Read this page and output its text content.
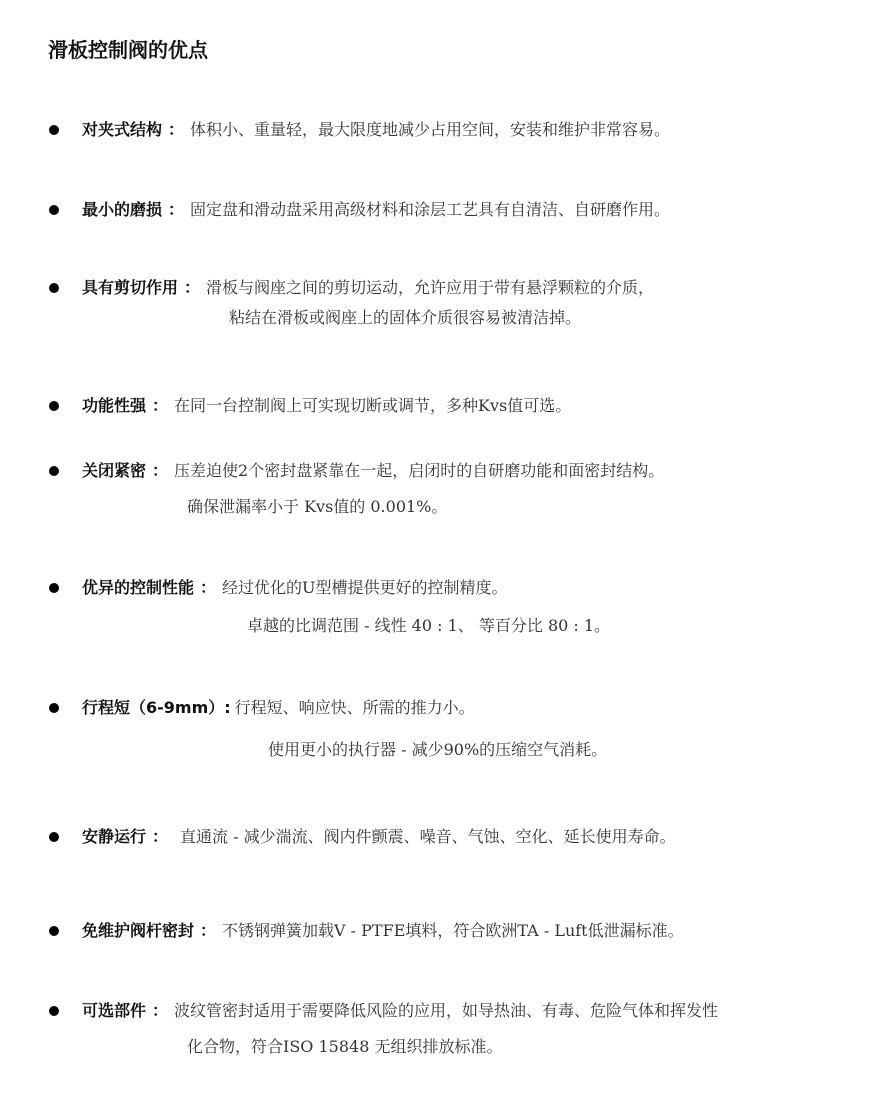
滑板控制阀的优点
对夹式结构 ： 体积小、重量轻，最大限度地减少占用空间，安装和维护非常容易。
最小的磨损 ： 固定盘和滑动盘采用高级材料和涂层工艺具有自清洁、自研磨作用。
具有剪切作用 ： 滑板与阀座之间的剪切运动，允许应用于带有悬浮颗粒的介质，
粘结在滑板或阀座上的固体介质很容易被清洁掉。
功能性强 ： 在同一台控制阀上可实现切断或调节，多种Kvs值可选。
关闭紧密 ： 压差迫使2个密封盘紧靠在一起，启闭时的自研磨功能和面密封结构。
确保泄漏率小于 Kvs值的 0.001%。
优异的控制性能 ： 经过优化的U型槽提供更好的控制精度。
卓越的比调范围 - 线性 40 : 1、 等百分比 80 : 1。
行程短（6-9mm）: 行程短、响应快、所需的推力小。
使用更小的执行器 - 减少90%的压缩空气消耗。
安静运行 ： 直通流 - 减少湍流、阀内件颤震、噪音、气蚀、空化、延长使用寿命。
免维护阀杆密封 ： 不锈钢弹簧加载V - PTFE填料，符合欧洲TA - Luft低泄漏标准。
可选部件 ： 波纹管密封适用于需要降低风险的应用，如导热油、有毒、危险气体和挥发性
化合物，符合ISO 15848 无组织排放标准。
